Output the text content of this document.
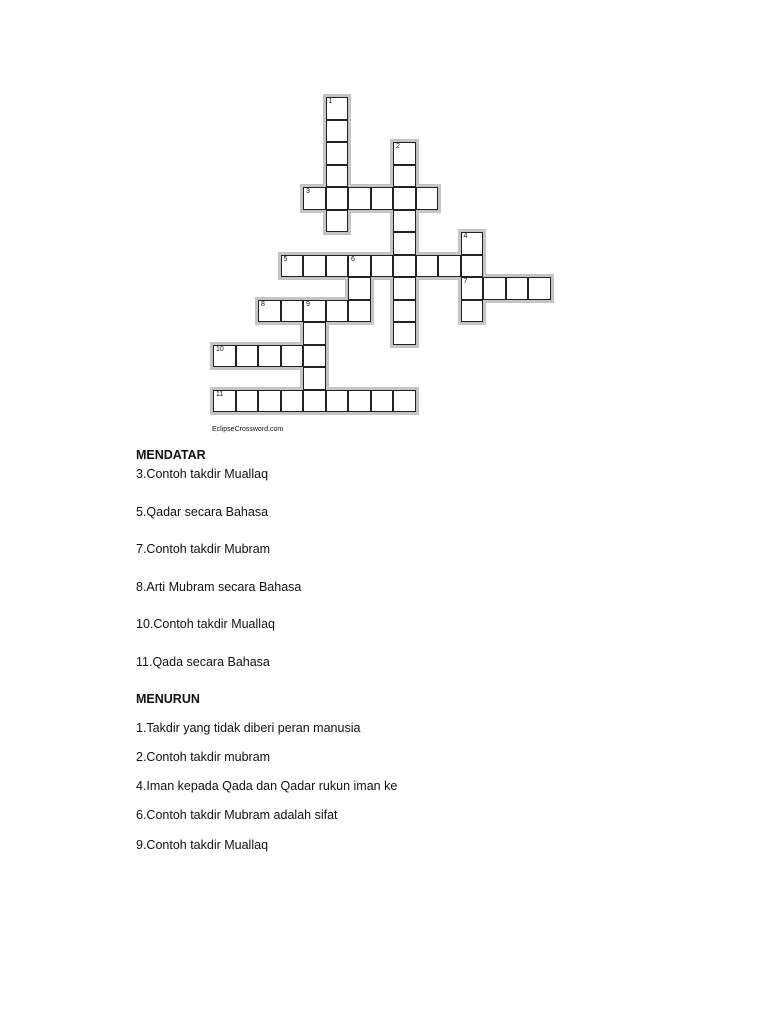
1
2
3
4
7
5	6
8	9
10
11
EclipseCrossword.com
MENDATAR
3.Contoh takdir Muallaq
5.Qadar secara Bahasa
7.Contoh takdir Mubram
8.Arti Mubram secara Bahasa
10.Contoh takdir Muallaq
11.Qada secara Bahasa
MENURUN
1.Takdir yang tidak diberi peran manusia
2.Contoh takdir mubram
4.Iman kepada Qada dan Qadar rukun iman ke
6.Contoh takdir Mubram adalah sifat
9.Contoh takdir Muallaq
